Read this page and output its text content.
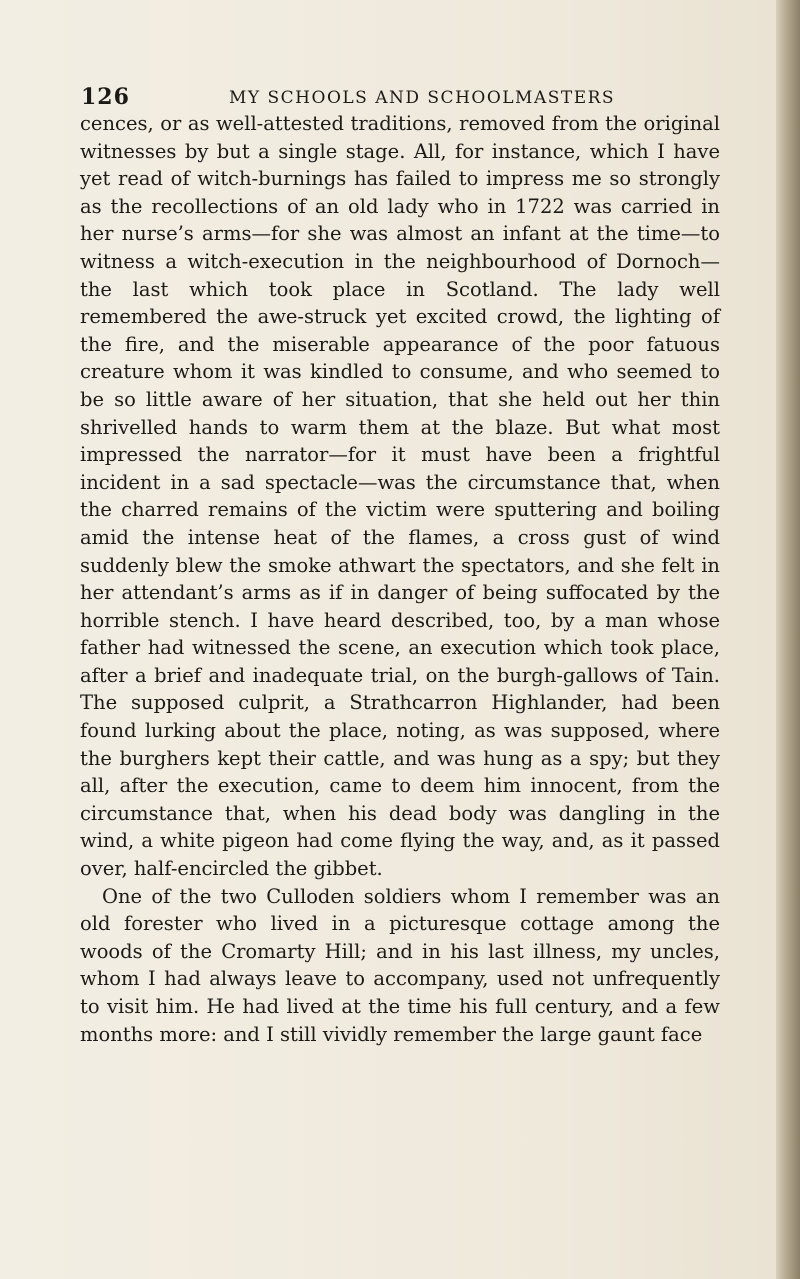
126	MY SCHOOLS AND SCHOOLMASTERS

cences, or as well-attested traditions, removed from the original witnesses by but a single stage. All, for instance, which I have yet read of witch-burnings has failed to impress me so strongly as the recollections of an old lady who in 1722 was carried in her nurse’s arms—for she was almost an infant at the time—to witness a witch-execution in the neighbourhood of Dornoch—the last which took place in Scotland. The lady well remembered the awe-struck yet excited crowd, the lighting of the fire, and the miserable appearance of the poor fatuous creature whom it was kindled to consume, and who seemed to be so little aware of her situation, that she held out her thin shrivelled hands to warm them at the blaze. But what most impressed the narrator—for it must have been a frightful incident in a sad spectacle—was the circumstance that, when the charred remains of the victim were sputtering and boiling amid the intense heat of the flames, a cross gust of wind suddenly blew the smoke athwart the spectators, and she felt in her attendant’s arms as if in danger of being suffocated by the horrible stench. I have heard described, too, by a man whose father had witnessed the scene, an execution which took place, after a brief and inadequate trial, on the burgh-gallows of Tain. The supposed culprit, a Strathcarron Highlander, had been found lurking about the place, noting, as was supposed, where the burghers kept their cattle, and was hung as a spy; but they all, after the execution, came to deem him innocent, from the circumstance that, when his dead body was dangling in the wind, a white pigeon had come flying the way, and, as it passed over, half-encircled the gibbet.

One of the two Culloden soldiers whom I remember was an old forester who lived in a picturesque cottage among the woods of the Cromarty Hill; and in his last illness, my uncles, whom I had always leave to accompany, used not unfrequently to visit him. He had lived at the time his full century, and a few months more: and I still vividly remember the large gaunt face
